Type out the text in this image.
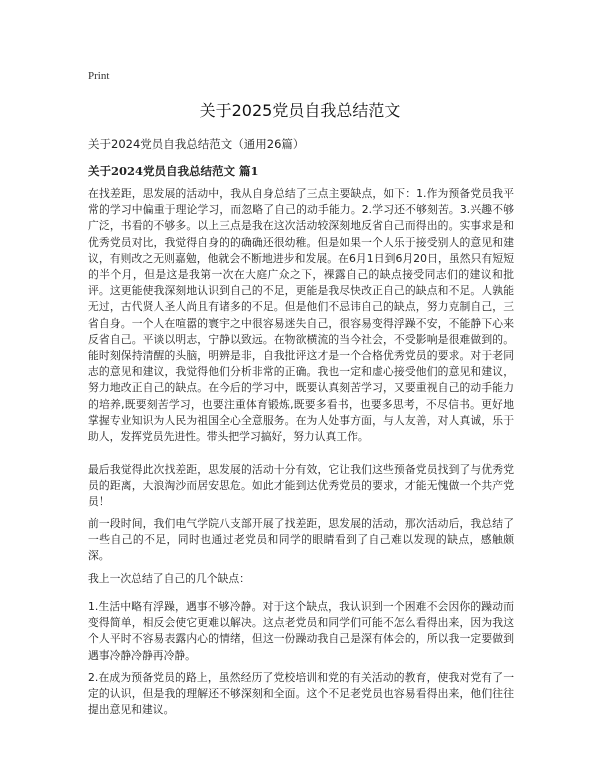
Print
关于2025党员自我总结范文
关于2024党员自我总结范文（通用26篇）
关于2024党员自我总结范文 篇1

在找差距，思发展的活动中，我从自身总结了三点主要缺点，如下：1.作为预备党员我平常的学习中偏重于理论学习，而忽略了自己的动手能力。2.学习还不够刻苦。3.兴趣不够广泛，书看的不够多。以上三点是我在这次活动较深刻地反省自己而得出的。实事求是和优秀党员对比，我觉得自身的的确确还很幼稚。但是如果一个人乐于接受别人的意见和建议，有则改之无则嘉勉，他就会不断地进步和发展。在6月1日到6月20日，虽然只有短短的半个月，但是这是我第一次在大庭广众之下，裸露自己的缺点接受同志们的建议和批评。这更能使我深刻地认识到自己的不足，更能是我尽快改正自己的缺点和不足。人孰能无过，古代贤人圣人尚且有诸多的不足。但是他们不忌讳自己的缺点，努力克制自己，三省自身。一个人在喧嚣的寰宇之中很容易迷失自己，很容易变得浮躁不安，不能静下心来反省自己。平谈以明志，宁静以致远。在物欲横流的当今社会，不受影响是很难做到的。能时刻保持清醒的头脑，明辨是非，自我批评这才是一个合格优秀党员的要求。对于老同志的意见和建议，我觉得他们分析非常的正确。我也一定和虚心接受他们的意见和建议，努力地改正自己的缺点。在今后的学习中，既要认真刻苦学习，又要重视自己的动手能力的培养,既要刻苦学习，也要注重体育锻炼,既要多看书，也要多思考，不尽信书。更好地掌握专业知识为人民为祖国全心全意服务。在为人处事方面，与人友善，对人真诚，乐于助人，发挥党员先进性。带头把学习搞好，努力认真工作。

最后我觉得此次找差距，思发展的活动十分有效，它让我们这些预备党员找到了与优秀党员的距离，大浪淘沙而居安思危。如此才能到达优秀党员的要求，才能无愧做一个共产党员！

前一段时间，我们电气学院八支部开展了找差距，思发展的活动，那次活动后，我总结了一些自己的不足，同时也通过老党员和同学的眼睛看到了自己难以发现的缺点，感触颇深。

我上一次总结了自己的几个缺点：

1.生活中略有浮躁，遇事不够冷静。对于这个缺点，我认识到一个困难不会因你的躁动而变得简单，相反会使它更难以解决。这点老党员和同学们可能不怎么看得出来，因为我这个人平时不容易表露内心的情绪，但这一份躁动我自己是深有体会的，所以我一定要做到遇事冷静冷静再冷静。

2.在成为预备党员的路上，虽然经历了党校培训和党的有关活动的教育，使我对党有了一定的认识，但是我的理解还不够深刻和全面。这个不足老党员也容易看得出来，他们往往提出意见和建议。
